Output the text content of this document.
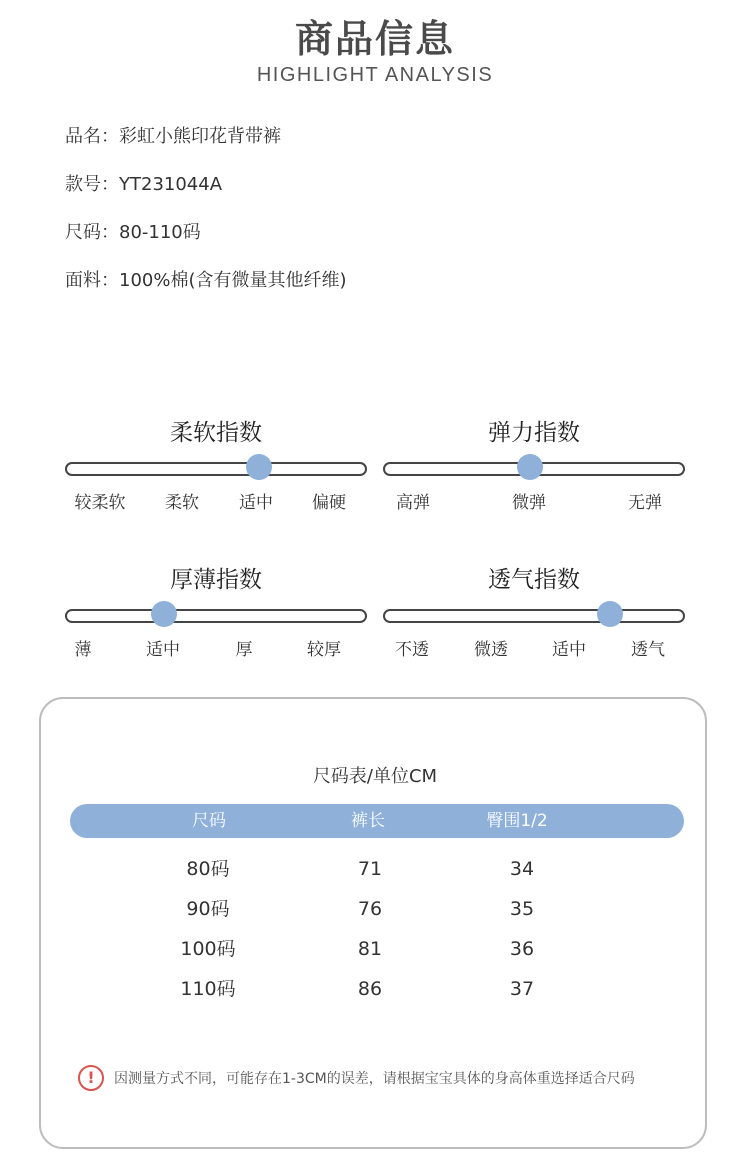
商品信息
HIGHLIGHT ANALYSIS
品名：彩虹小熊印花背带裤
款号：YT231044A
尺码：80-110码
面料：100%棉(含有微量其他纤维)
柔软指数
较柔软 柔软 适中 偏硬
弹力指数
高弹	微弹	无弹
厚薄指数
薄	适中	厚	较厚
透气指数
不透	微透	适中	透气
尺码表/单位CM
尺码	裤长	臀围1/2
80码	71	34
90码	76	35
100码	81	36
110码	86	37
!	因测量方式不同，可能存在1-3CM的误差，请根据宝宝具体的身高体重选择适合尺码
